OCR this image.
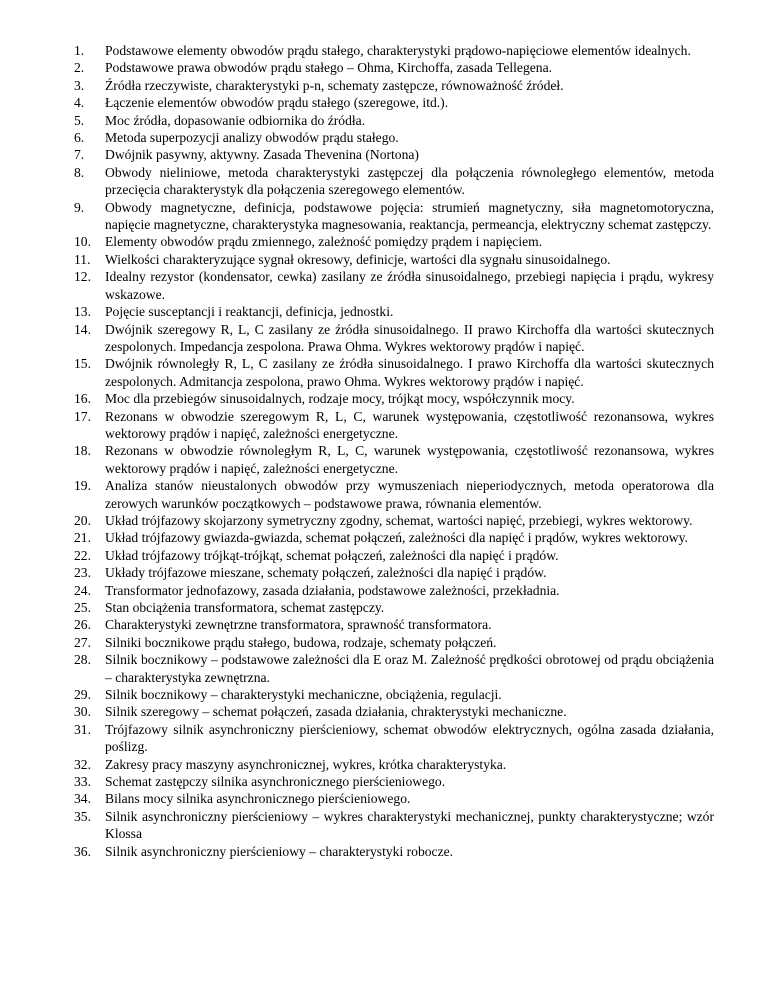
1.	Podstawowe elementy obwodów prądu stałego, charakterystyki prądowo-napięciowe elementów idealnych.
2.	Podstawowe prawa obwodów prądu stałego – Ohma, Kirchoffa, zasada Tellegena.
3.	Źródła rzeczywiste, charakterystyki p-n, schematy zastępcze, równoważność źródeł.
4.	Łączenie elementów obwodów prądu stałego (szeregowe, itd.).
5.	Moc źródła, dopasowanie odbiornika do źródła.
6.	Metoda superpozycji analizy obwodów prądu stałego.
7.	Dwójnik pasywny, aktywny. Zasada Thevenina (Nortona)
8.	Obwody nieliniowe, metoda charakterystyki zastępczej dla połączenia równoległego elementów, metoda przecięcia charakterystyk dla połączenia szeregowego elementów.
9.	Obwody magnetyczne, definicja, podstawowe pojęcia: strumień magnetyczny, siła magnetomotoryczna, napięcie magnetyczne, charakterystyka magnesowania, reaktancja, permeancja, elektryczny schemat zastępczy.
10.	Elementy obwodów prądu zmiennego, zależność pomiędzy prądem i napięciem.
11.	Wielkości charakteryzujące sygnał okresowy, definicje, wartości dla sygnału sinusoidalnego.
12.	Idealny rezystor (kondensator, cewka) zasilany ze źródła sinusoidalnego, przebiegi napięcia i prądu, wykresy wskazowe.
13.	Pojęcie susceptancji i reaktancji, definicja, jednostki.
14.	Dwójnik szeregowy R, L, C zasilany ze źródła sinusoidalnego. II prawo Kirchoffa dla wartości skutecznych zespolonych. Impedancja zespolona. Prawa Ohma. Wykres wektorowy prądów i napięć.
15.	Dwójnik równoległy R, L, C zasilany ze źródła sinusoidalnego. I prawo Kirchoffa dla wartości skutecznych zespolonych. Admitancja zespolona, prawo Ohma. Wykres wektorowy prądów i napięć.
16.	Moc dla przebiegów sinusoidalnych, rodzaje mocy, trójkąt mocy, współczynnik mocy.
17.	Rezonans w obwodzie szeregowym R, L, C, warunek występowania, częstotliwość rezonansowa, wykres wektorowy prądów i napięć, zależności energetyczne.
18.	Rezonans w obwodzie równoległym R, L, C, warunek występowania, częstotliwość rezonansowa, wykres wektorowy prądów i napięć, zależności energetyczne.
19.	Analiza stanów nieustalonych obwodów przy wymuszeniach nieperiodycznych, metoda operatorowa dla zerowych warunków początkowych – podstawowe prawa, równania elementów.
20.	Układ trójfazowy skojarzony symetryczny zgodny, schemat, wartości napięć, przebiegi, wykres wektorowy.
21.	Układ trójfazowy gwiazda-gwiazda, schemat połączeń, zależności dla napięć i prądów, wykres wektorowy.
22.	Układ trójfazowy trójkąt-trójkąt, schemat połączeń, zależności dla napięć i prądów.
23.	Układy trójfazowe mieszane, schematy połączeń, zależności dla napięć i prądów.
24.	Transformator jednofazowy, zasada działania, podstawowe zależności, przekładnia.
25.	Stan obciążenia transformatora, schemat zastępczy.
26.	Charakterystyki zewnętrzne transformatora, sprawność transformatora.
27.	Silniki bocznikowe prądu stałego, budowa, rodzaje, schematy połączeń.
28.	Silnik bocznikowy – podstawowe zależności dla E oraz M. Zależność prędkości obrotowej od prądu obciążenia – charakterystyka zewnętrzna.
29.	Silnik bocznikowy – charakterystyki mechaniczne, obciążenia, regulacji.
30.	Silnik szeregowy – schemat połączeń, zasada działania, chrakterystyki mechaniczne.
31.	Trójfazowy silnik asynchroniczny pierścieniowy, schemat obwodów elektrycznych, ogólna zasada działania, poślizg.
32.	Zakresy pracy maszyny asynchronicznej, wykres, krótka charakterystyka.
33.	Schemat zastępczy silnika asynchronicznego pierścieniowego.
34.	Bilans mocy silnika asynchronicznego pierścieniowego.
35.	Silnik asynchroniczny pierścieniowy – wykres charakterystyki mechanicznej, punkty charakterystyczne; wzór Klossa
36.	Silnik asynchroniczny pierścieniowy – charakterystyki robocze.
